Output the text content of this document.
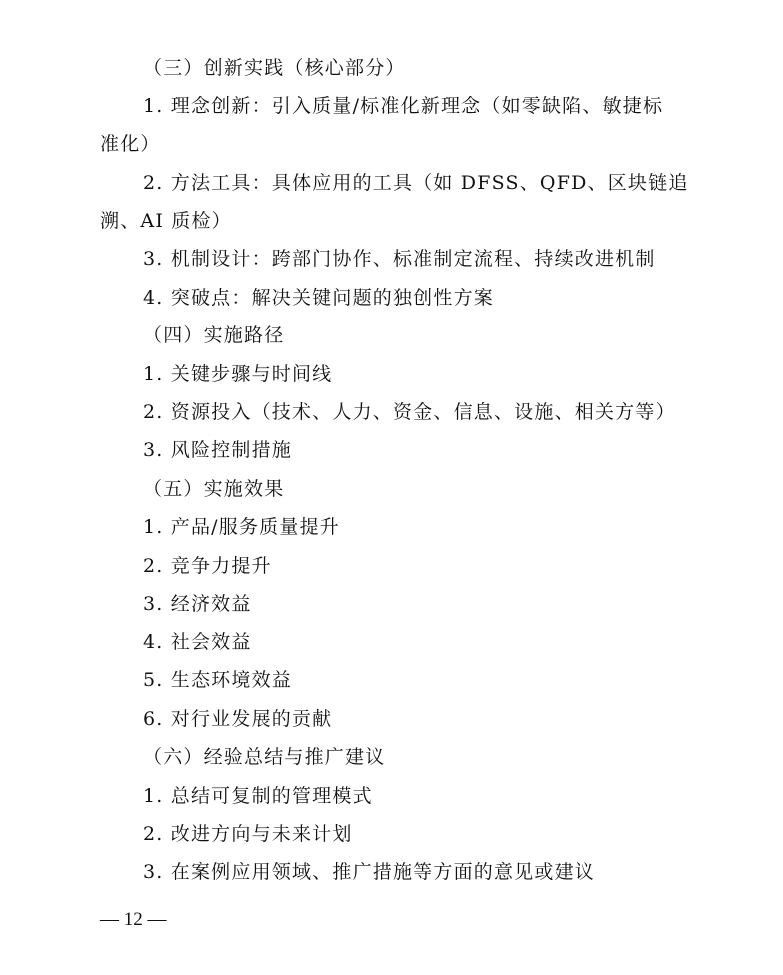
（三）创新实践（核心部分）
1. 理念创新：引入质量/标准化新理念（如零缺陷、敏捷标
准化）
2. 方法工具：具体应用的工具（如 DFSS、QFD、区块链追
溯、AI 质检）
3. 机制设计：跨部门协作、标准制定流程、持续改进机制
4. 突破点：解决关键问题的独创性方案
（四）实施路径
1. 关键步骤与时间线
2. 资源投入（技术、人力、资金、信息、设施、相关方等）
3. 风险控制措施
（五）实施效果
1. 产品/服务质量提升
2. 竞争力提升
3. 经济效益
4. 社会效益
5. 生态环境效益
6. 对行业发展的贡献
（六）经验总结与推广建议
1. 总结可复制的管理模式
2. 改进方向与未来计划
3. 在案例应用领域、推广措施等方面的意见或建议
— 12 —
